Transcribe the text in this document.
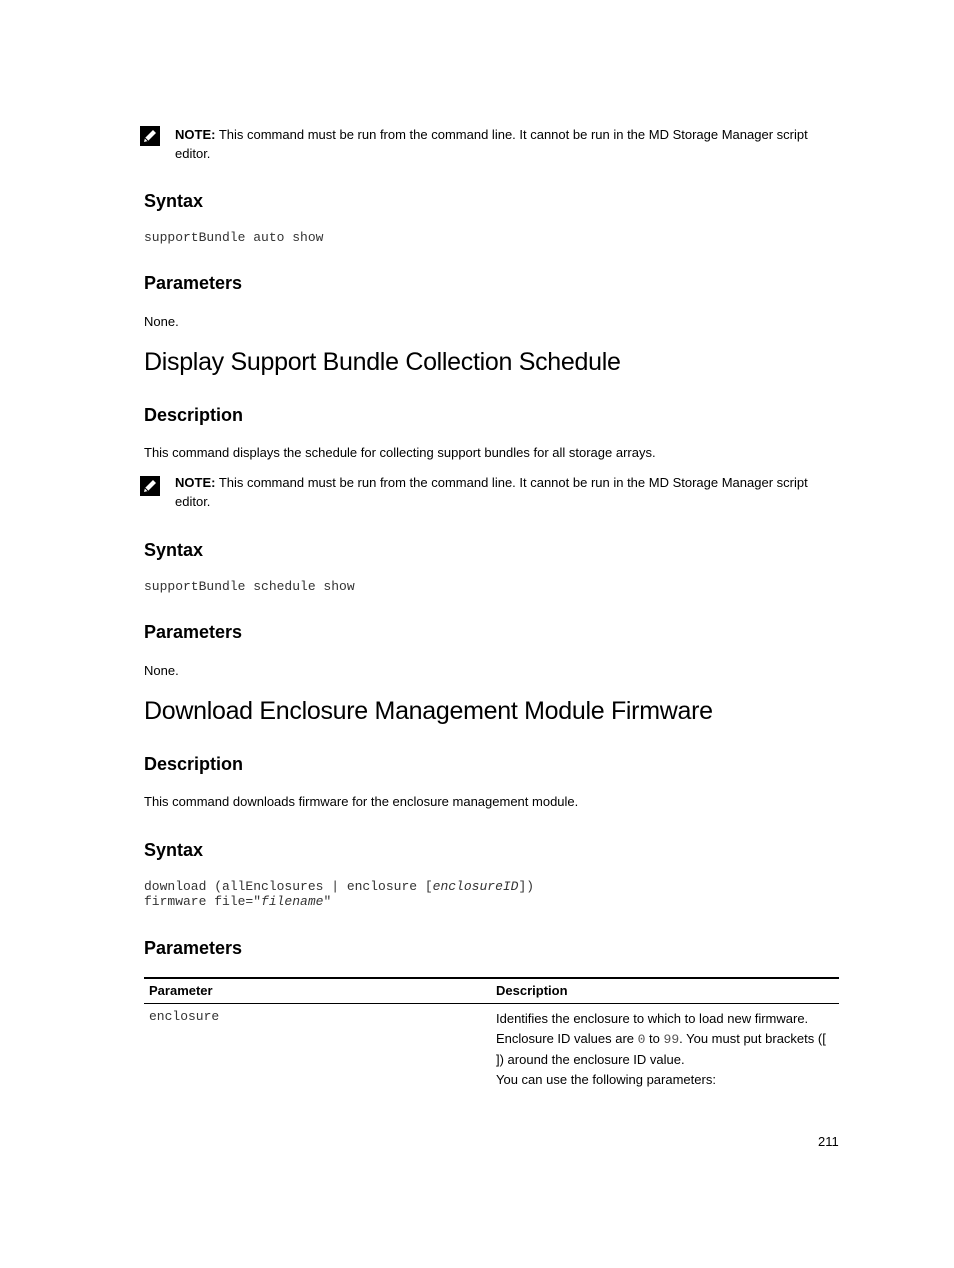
NOTE: This command must be run from the command line. It cannot be run in the MD Storage Manager script editor.
Syntax
supportBundle auto show
Parameters
None.
Display Support Bundle Collection Schedule
Description
This command displays the schedule for collecting support bundles for all storage arrays.
NOTE: This command must be run from the command line. It cannot be run in the MD Storage Manager script editor.
Syntax
supportBundle schedule show
Parameters
None.
Download Enclosure Management Module Firmware
Description
This command downloads firmware for the enclosure management module.
Syntax
download (allEnclosures | enclosure [enclosureID])
firmware file="filename"
Parameters
Parameter	Description
enclosure	Identifies the enclosure to which to load new firmware. Enclosure ID values are 0 to 99. You must put brackets ([ ]) around the enclosure ID value.
You can use the following parameters:
211
